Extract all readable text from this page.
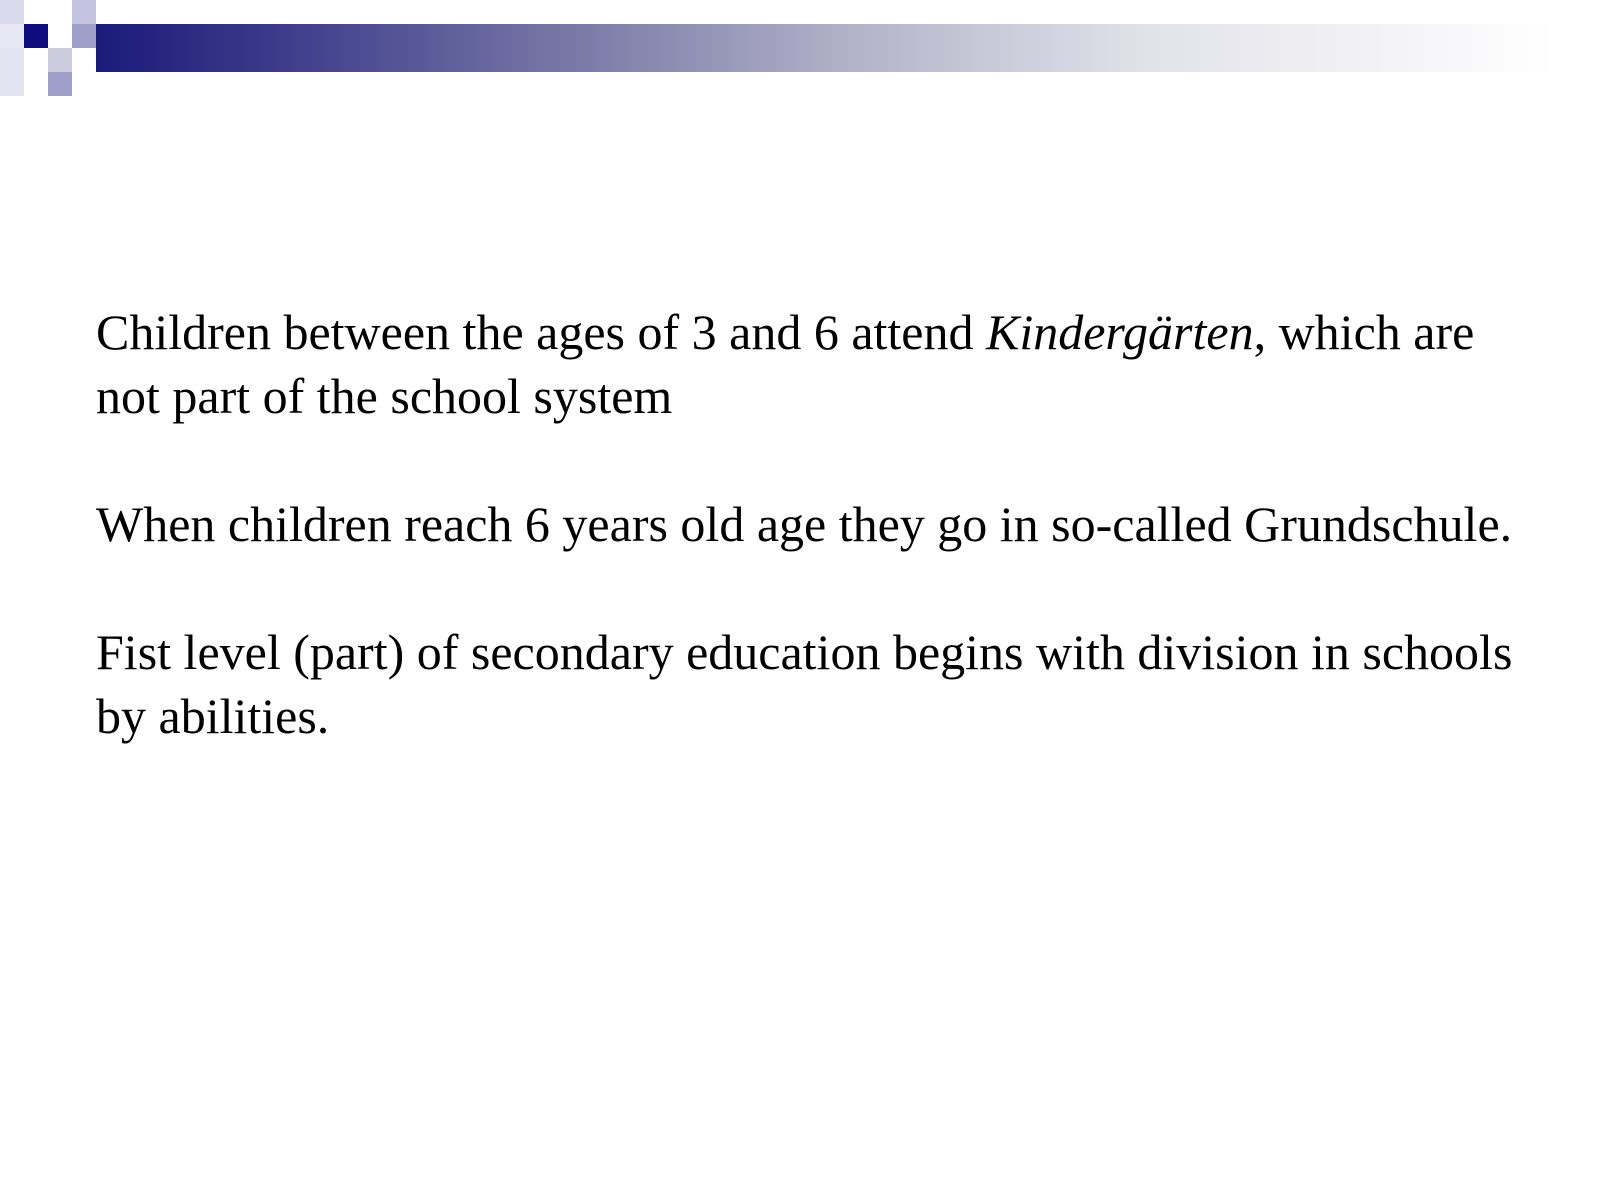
Children between the ages of 3 and 6 attend Kindergärten, which are not part of the school system

When children reach 6 years old age they go in so-called Grundschule.

Fist level (part) of secondary education begins with division in schools by abilities.
